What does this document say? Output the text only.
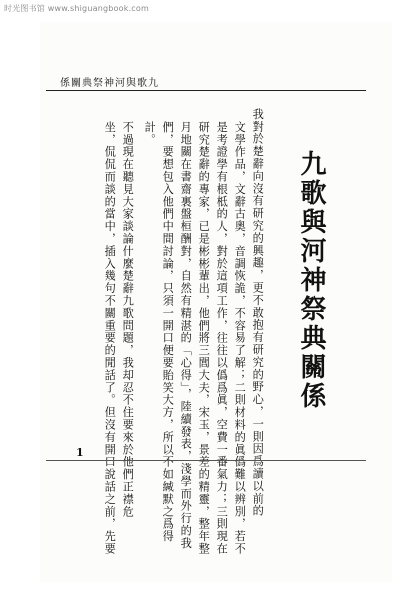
时光图书馆 www.shiguangbook.com
九歌與河神祭典關係
九歌與河神祭典關係
我對於楚辭向沒有研究的興趣，更不敢抱有研究的野心，一則因爲讀以前的
文學作品，文辭古奧，音調恢詭，不容易了解；二則材料的眞僞難以辨別，若不
是考證學有根柢的人，對於這項工作，往往以僞爲眞，空費一番氣力；三則現在
研究楚辭的專家，已是彬彬輩出，他們將三閭大夫，宋玉，景差的精靈，整年整
月地關在書齋裏盤桓酬對，自然有精湛的「心得」，陸續發表，淺學而外行的我
們，要想包入他們中間討論，只須一開口便要貽笑大方，所以不如緘默之爲得
計。
不過現在聽見大家談論什麼楚辭九歌問題，我却忍不住要來於他們正襟危
坐，侃侃而談的當中，插入幾句不關重要的閒話了。但沒有開口說話之前，先要
1
